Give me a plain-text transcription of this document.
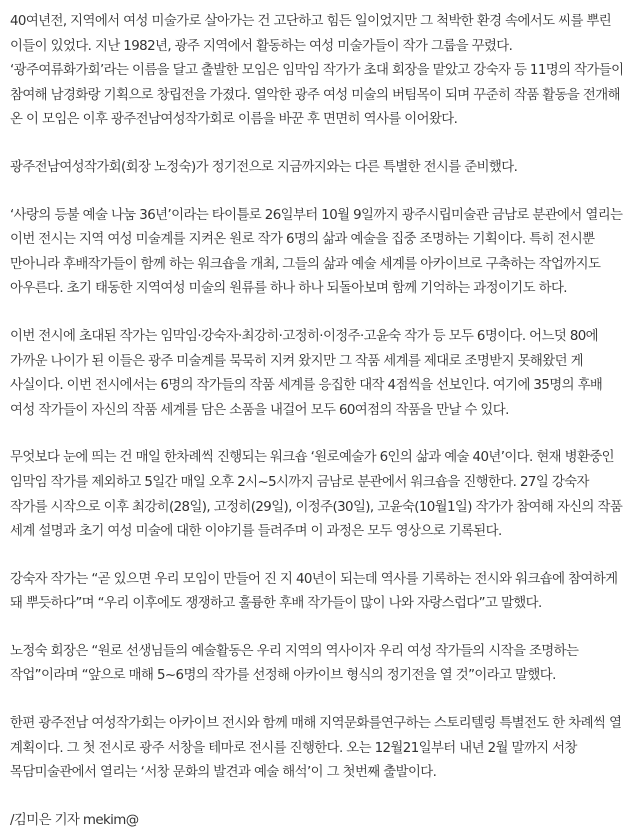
40여년전, 지역에서 여성 미술가로 살아가는 건 고단하고 힘든 일이었지만 그 척박한 환경 속에서도 씨를 뿌린 이들이 있었다. 지난 1982년, 광주 지역에서 활동하는 여성 미술가들이 작가 그룹을 꾸렸다. ‘광주여류화가회’라는 이름을 달고 출발한 모임은 임막임 작가가 초대 회장을 맡았고 강숙자 등 11명의 작가들이 참여해 남경화랑 기획으로 창립전을 가졌다. 열악한 광주 여성 미술의 버팀목이 되며 꾸준히 작품 활동을 전개해 온 이 모임은 이후 광주전남여성작가회로 이름을 바꾼 후 면면히 역사를 이어왔다.

광주전남여성작가회(회장 노정숙)가 정기전으로 지금까지와는 다른 특별한 전시를 준비했다.

‘사랑의 등불 예술 나눔 36년’이라는 타이틀로 26일부터 10월 9일까지 광주시립미술관 금남로 분관에서 열리는 이번 전시는 지역 여성 미술계를 지켜온 원로 작가 6명의 삶과 예술을 집중 조명하는 기획이다. 특히 전시뿐 만아니라 후배작가들이 함께 하는 워크숍을 개최, 그들의 삶과 예술 세계를 아카이브로 구축하는 작업까지도 아우른다. 초기 태동한 지역여성 미술의 원류를 하나 하나 되돌아보며 함께 기억하는 과정이기도 하다.

이번 전시에 초대된 작가는 임막임·강숙자·최강히·고정히·이정주·고윤숙 작가 등 모두 6명이다. 어느덧 80에 가까운 나이가 된 이들은 광주 미술계를 묵묵히 지켜 왔지만 그 작품 세계를 제대로 조명받지 못해왔던 게 사실이다. 이번 전시에서는 6명의 작가들의 작품 세계를 응집한 대작 4점씩을 선보인다. 여기에 35명의 후배 여성 작가들이 자신의 작품 세계를 담은 소품을 내걸어 모두 60여점의 작품을 만날 수 있다.

무엇보다 눈에 띄는 건 매일 한차례씩 진행되는 워크숍 ‘원로예술가 6인의 삶과 예술 40년’이다. 현재 병환중인 임막임 작가를 제외하고 5일간 매일 오후 2시~5시까지 금남로 분관에서 워크숍을 진행한다. 27일 강숙자 작가를 시작으로 이후 최강히(28일), 고정히(29일), 이정주(30일), 고윤숙(10월1일) 작가가 참여해 자신의 작품 세계 설명과 초기 여성 미술에 대한 이야기를 들려주며 이 과정은 모두 영상으로 기록된다.

강숙자 작가는 “곧 있으면 우리 모임이 만들어 진 지 40년이 되는데 역사를 기록하는 전시와 워크숍에 참여하게 돼 뿌듯하다”며 “우리 이후에도 쟁쟁하고 훌륭한 후배 작가들이 많이 나와 자랑스럽다”고 말했다.

노정숙 회장은 “원로 선생님들의 예술활동은 우리 지역의 역사이자 우리 여성 작가들의 시작을 조명하는 작업”이라며 “앞으로 매해 5~6명의 작가를 선정해 아카이브 형식의 정기전을 열 것”이라고 말했다.

한편 광주전남 여성작가회는 아카이브 전시와 함께 매해 지역문화를연구하는 스토리텔링 특별전도 한 차례씩 열 계획이다. 그 첫 전시로 광주 서창을 테마로 전시를 진행한다. 오는 12월21일부터 내년 2월 말까지 서창 목담미술관에서 열리는 ‘서창 문화의 발견과 예술 해석’이 그 첫번째 출발이다.

/김미은 기자 mekim@
